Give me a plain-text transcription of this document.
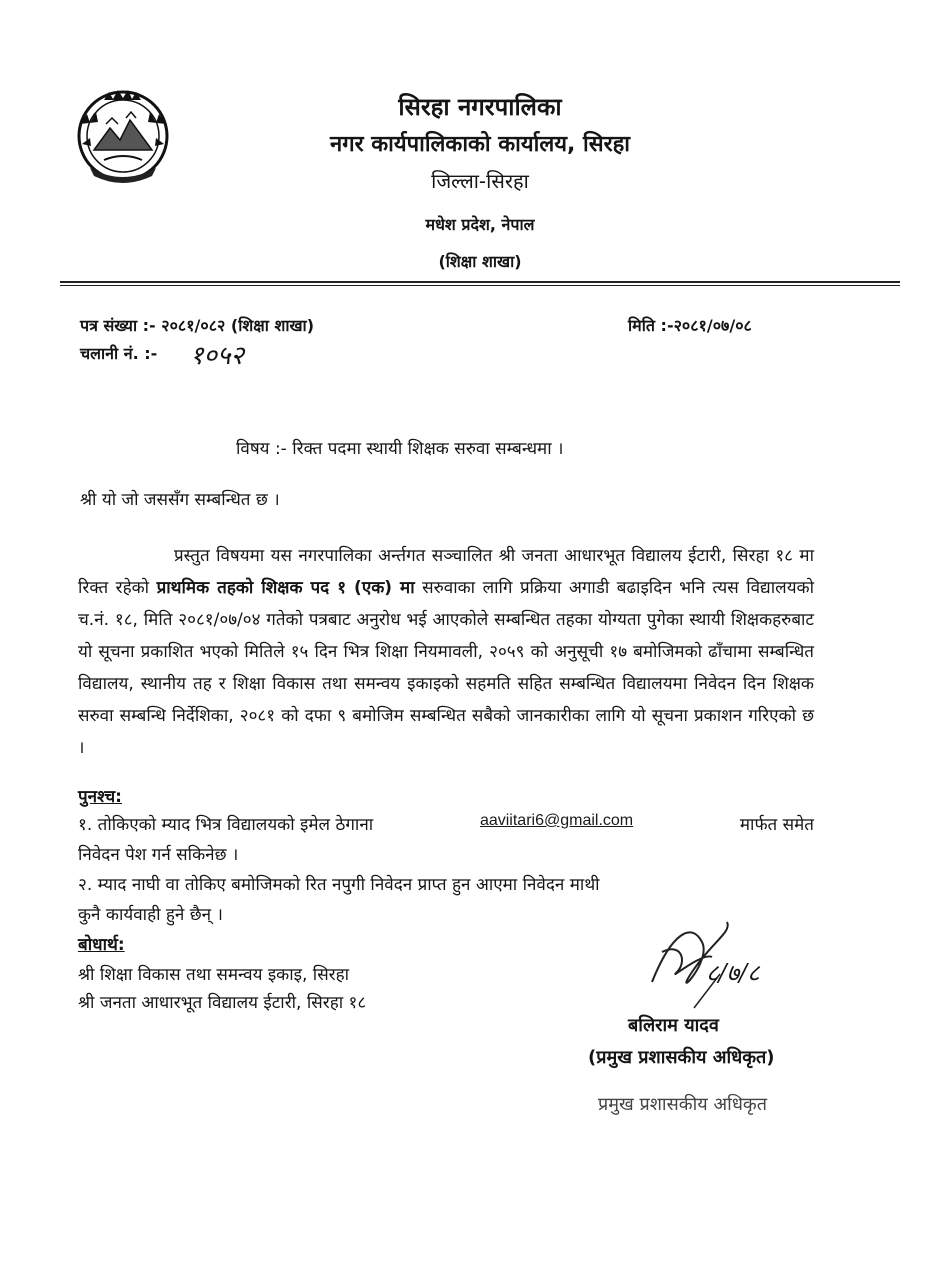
सिरहा नगरपालिका
नगर कार्यपालिकाको कार्यालय, सिरहा
जिल्ला-सिरहा
मधेश प्रदेश, नेपाल
(शिक्षा शाखा)
पत्र संख्या :- २०८१/०८२ (शिक्षा शाखा)
चलानी नं. :- १०५२
मिति :-२०८१/०७/०८
विषय :- रिक्त पदमा स्थायी शिक्षक सरुवा सम्बन्धमा ।
श्री यो जो जससँग सम्बन्धित छ ।
प्रस्तुत विषयमा यस नगरपालिका अर्न्तगत सञ्चालित श्री जनता आधारभूत विद्यालय ईटारी, सिरहा १८ मा रिक्त रहेको प्राथमिक तहको शिक्षक पद १ (एक) मा सरुवाका लागि प्रक्रिया अगाडी बढाइदिन भनि त्यस विद्यालयको च.नं. १८, मिति २०८१/०७/०४ गतेको पत्रबाट अनुरोध भई आएकोले सम्बन्धित तहका योग्यता पुगेका स्थायी शिक्षकहरुबाट यो सूचना प्रकाशित भएको मितिले १५ दिन भित्र शिक्षा नियमावली, २०५९ को अनुसूची १७ बमोजिमको ढाँचामा सम्बन्धित विद्यालय, स्थानीय तह र शिक्षा विकास तथा समन्वय इकाइको सहमति सहित सम्बन्धित विद्यालयमा निवेदन दिन शिक्षक सरुवा सम्बन्धि निर्देशिका, २०८१ को दफा ९ बमोजिम सम्बन्धित सबैको जानकारीका लागि यो सूचना प्रकाशन गरिएको छ ।
पुनश्च:
१. तोकिएको म्याद भित्र विद्यालयको इमेल ठेगाना	aaviitari6@gmail.com	मार्फत समेत
निवेदन पेश गर्न सकिनेछ ।
२. म्याद नाघी वा तोकिए बमोजिमको रित नपुगी निवेदन प्राप्त हुन आएमा निवेदन माथी
कुनै कार्यवाही हुने छैन् ।
बोधार्थ:
श्री शिक्षा विकास तथा समन्वय इकाइ, सिरहा
श्री जनता आधारभूत विद्यालय ईटारी, सिरहा १८
८/७/८
बलिराम यादव
(प्रमुख प्रशासकीय अधिकृत)
प्रमुख प्रशासकीय अधिकृत
